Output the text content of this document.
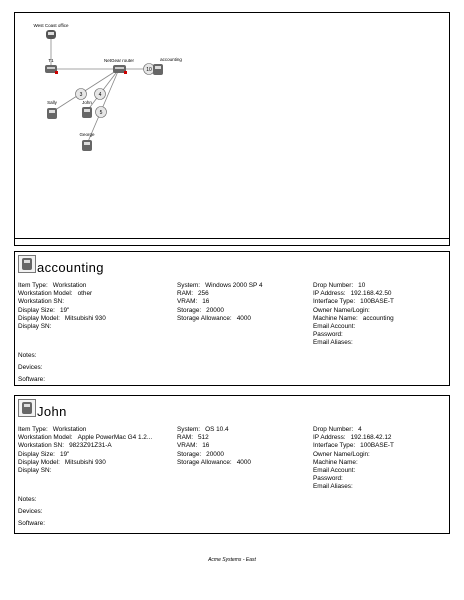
3	4
5
10
West Coast office
T1	NetGear router	accounting
Sally	John
George
accounting
Item Type: Workstation
Workstation Model: other
Workstation SN:
Display Size: 19"
Display Model: Mitsubishi 930
Display SN:
System: Windows 2000 SP 4
RAM: 256
VRAM: 16
Storage: 20000
Storage Allowance: 4000
Drop Number: 10
IP Address: 192.168.42.50
Interface Type: 100BASE-T
Owner Name/Login:
Machine Name: accounting
Email Account:
Password:
Email Aliases:
Notes:
Devices:
Software:
John
Item Type: Workstation
Workstation Model: Apple PowerMac G4 1.2...
Workstation SN: 9823Z91Z31-A
Display Size: 19"
Display Model: Mitsubishi 930
Display SN:
System: OS 10.4
RAM: 512
VRAM: 16
Storage: 20000
Storage Allowance: 4000
Drop Number: 4
IP Address: 192.168.42.12
Interface Type: 100BASE-T
Owner Name/Login:
Machine Name:
Email Account:
Password:
Email Aliases:
Notes:
Devices:
Software:
Acme Systems - East
